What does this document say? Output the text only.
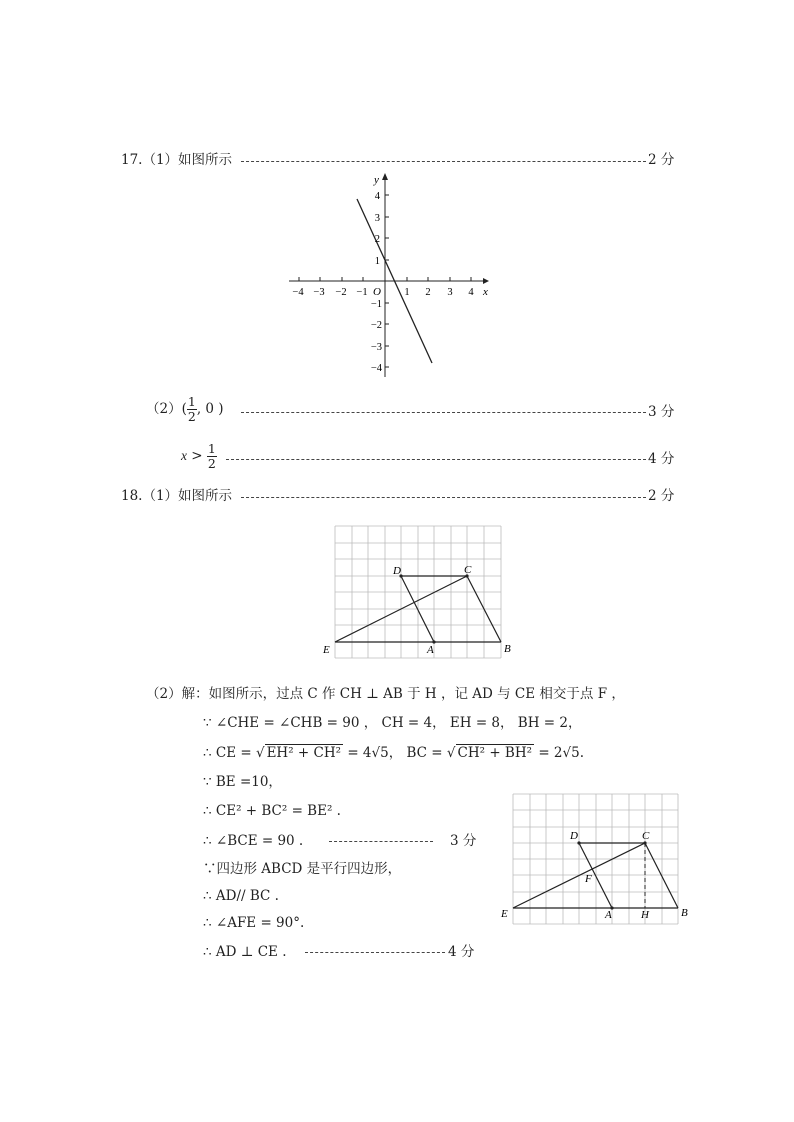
17.（1）如图所示	2 分
y
x
O
−4 −3 −2 −1	1 2 3 4
4
3
2
1
−1
−2
−3
−4
$(2)( \frac{1}{2}$ , 0 )	3 分
$x > \frac{1}{2}$	4 分
18.（1）如图所示	2 分
D	C
E	A	B
（2）解：如图所示，过点 C 作 CH ⊥ AB 于 H ，记 AD 与 CE 相交于点 F ，
∵ ∠CHE = ∠CHB = 90 ， CH = 4， EH = 8， BH = 2，
∴ CE = √ EH² + CH² = 4√5， BC = √ CH² + BH² = 2√5.
∵ BE =10，
∴ CE² + BC² = BE² .
∴ ∠BCE = 90 .	3 分
∵四边形 ABCD 是平行四边形，
∴ AD// BC .
∴ ∠AFE = 90°.
∴ AD ⊥ CE .	4 分
D	C
E	A	B
F
H
